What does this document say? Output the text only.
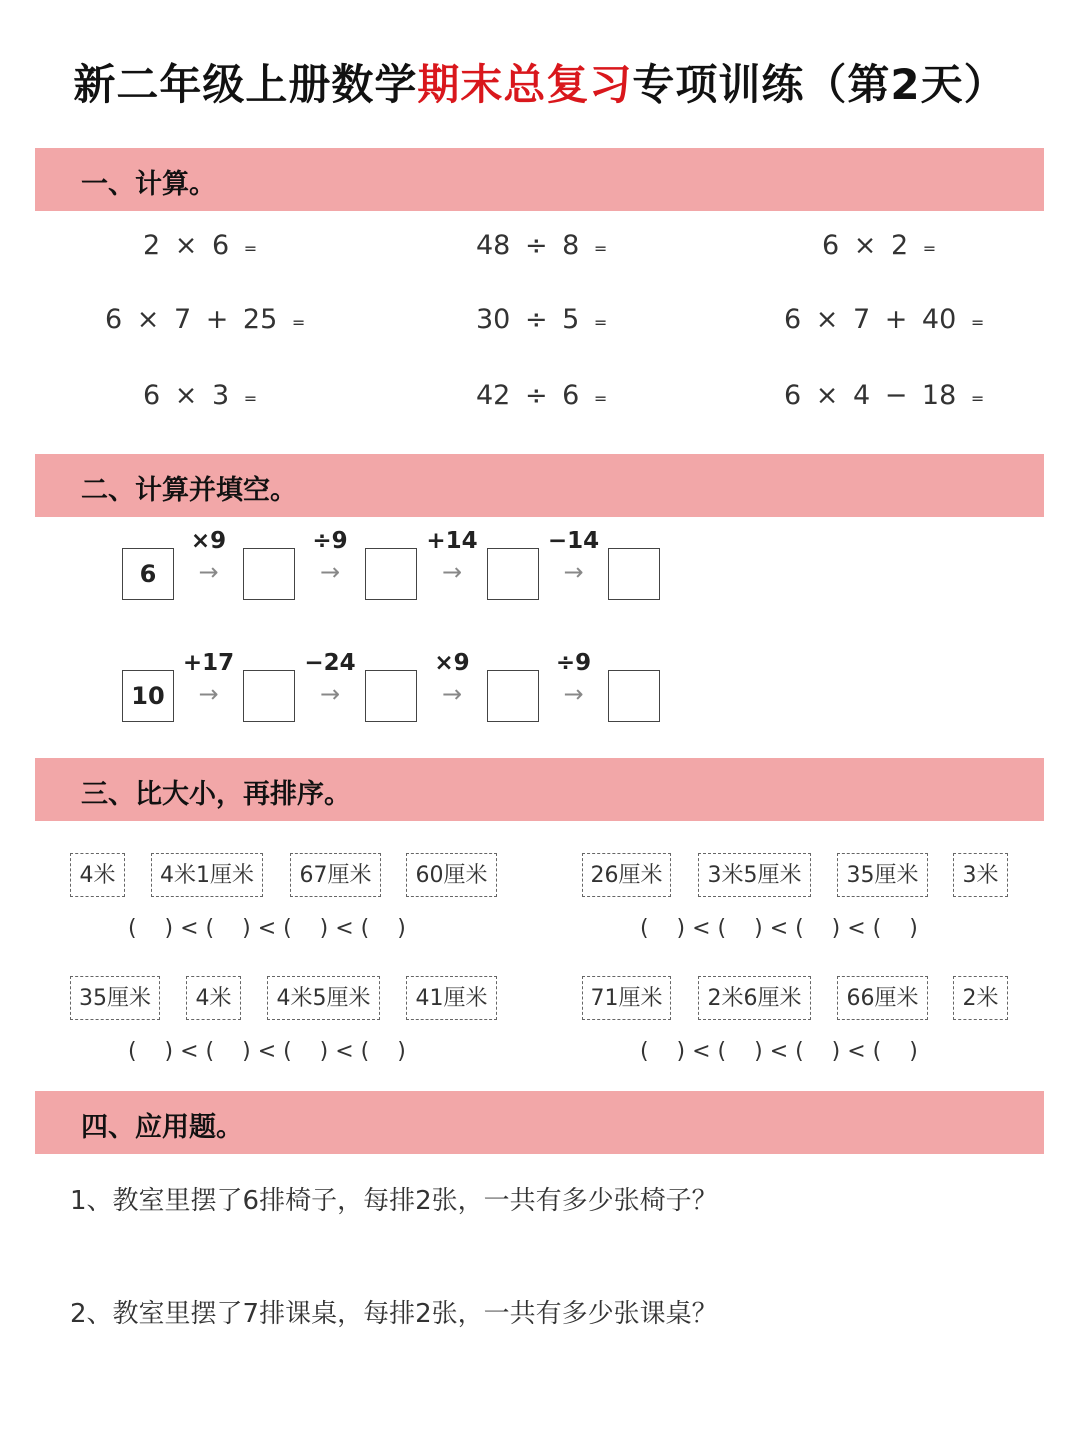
新二年级上册数学期末总复习专项训练（第2天）
一、计算。
二、计算并填空。
三、比大小，再排序。
四、应用题。
2 × 6 =	48 ÷ 8 =	6 × 2 =
6 × 7 + 25 =	30 ÷ 5 =	6 × 7 + 40 =
6 × 3 =	42 ÷ 6 =	6 × 4 − 18 =
6
×9
→
÷9
→
+14
→
−14
→
10
+17
→
−24
→
×9
→
÷9
→
4米	4米1厘米	67厘米	60厘米
(    ) < (    ) < (    ) < (    )
26厘米	3米5厘米	35厘米	3米
(    ) < (    ) < (    ) < (    )
35厘米	4米	4米5厘米	41厘米
(    ) < (    ) < (    ) < (    )
71厘米	2米6厘米	66厘米	2米
(    ) < (    ) < (    ) < (    )
1、教室里摆了6排椅子，每排2张，一共有多少张椅子？
2、教室里摆了7排课桌，每排2张，一共有多少张课桌？
